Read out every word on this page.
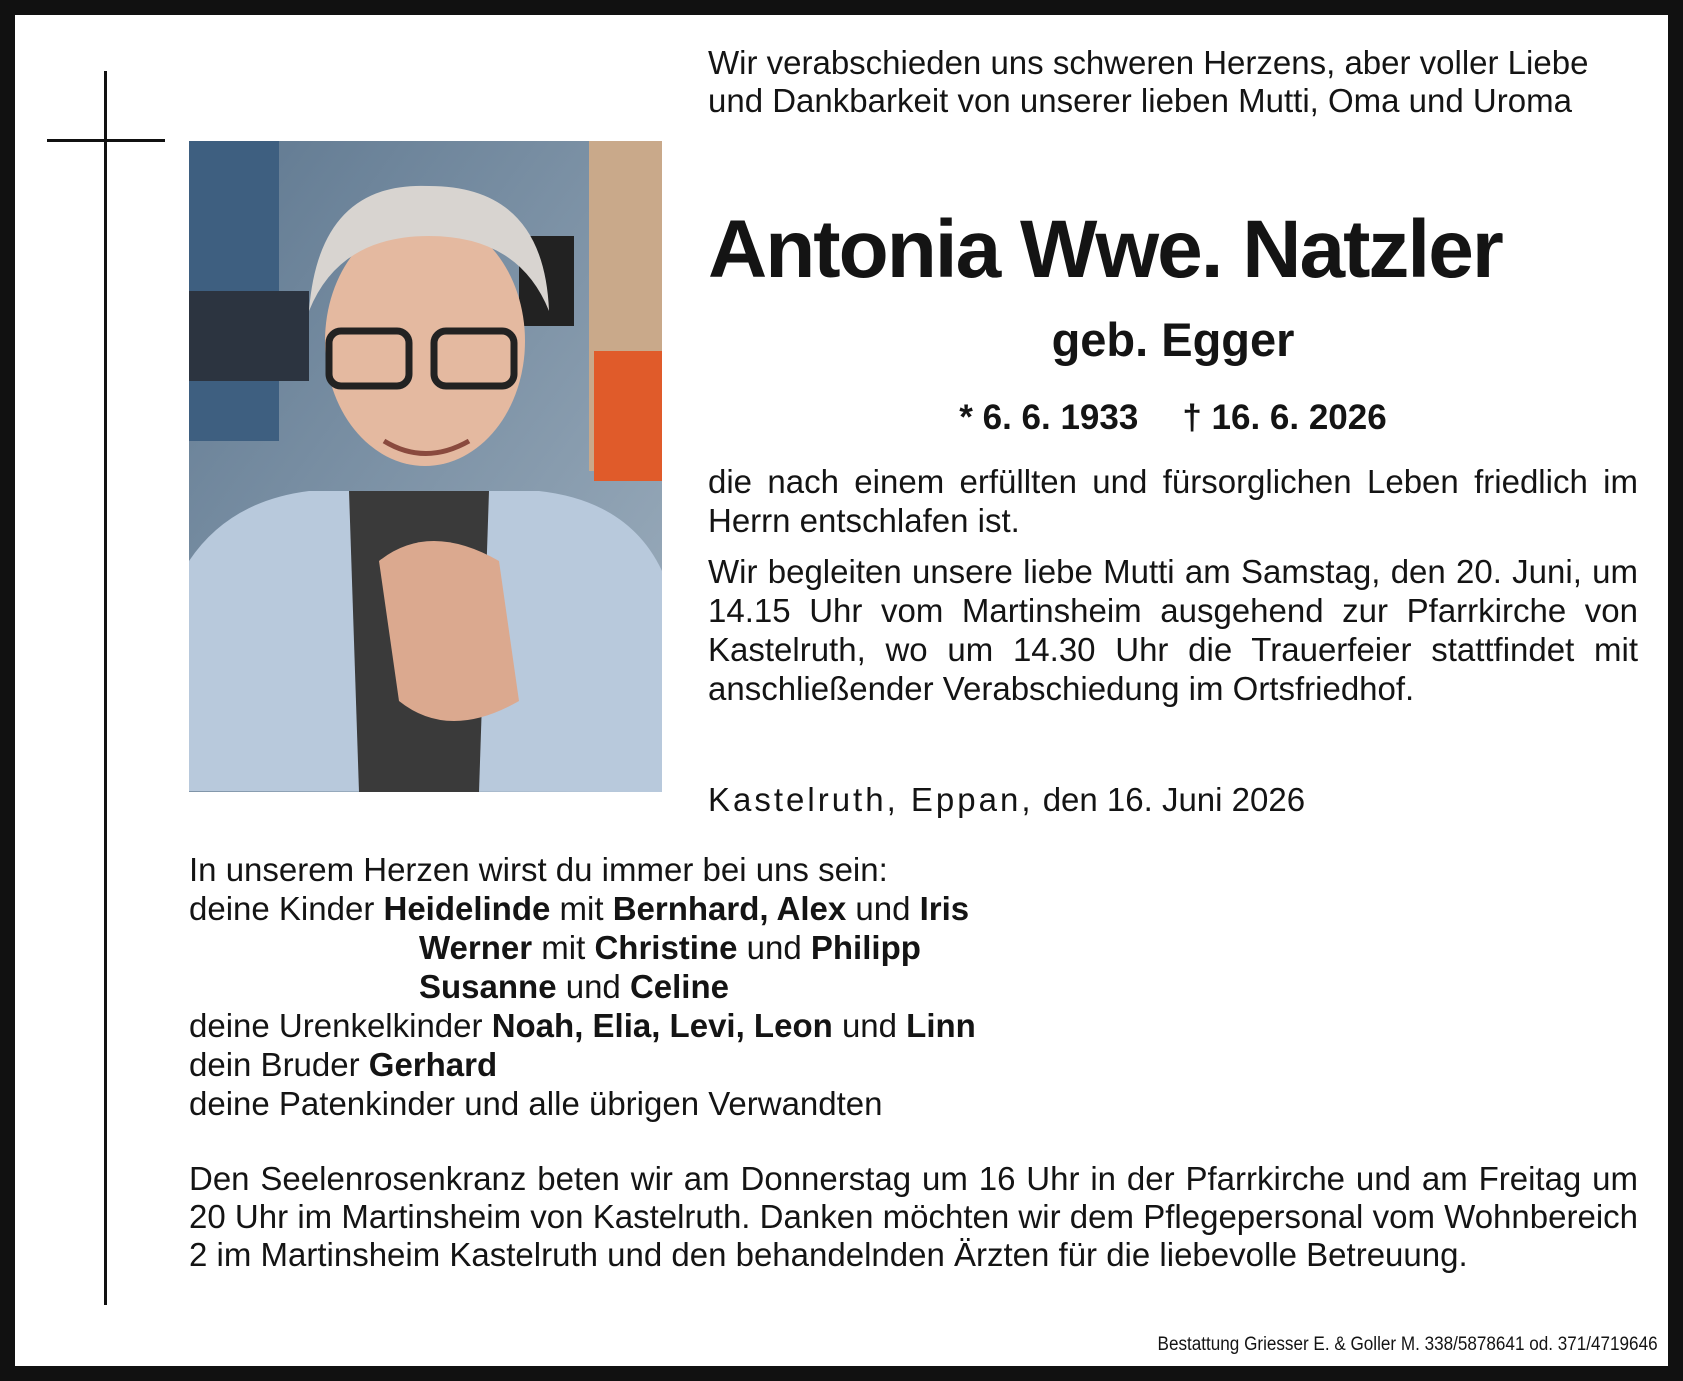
Wir verabschieden uns schweren Herzens, aber voller Liebe und Dankbarkeit von unserer lieben Mutti, Oma und Uroma
Antonia Wwe. Natzler
geb. Egger
* 6. 6. 1933 † 16. 6. 2026
die nach einem erfüllten und fürsorglichen Leben friedlich im Herrn entschlafen ist.
Wir begleiten unsere liebe Mutti am Samstag, den 20. Juni, um 14.15 Uhr vom Martinsheim ausgehend zur Pfarrkirche von Kastelruth, wo um 14.30 Uhr die Trauerfeier stattfindet mit anschließender Verabschiedung im Ortsfriedhof.
Kastelruth, Eppan, den 16. Juni 2026
In unserem Herzen wirst du immer bei uns sein:
deine Kinder Heidelinde mit Bernhard, Alex und Iris
Werner mit Christine und Philipp
Susanne und Celine
deine Urenkelkinder Noah, Elia, Levi, Leon und Linn
dein Bruder Gerhard
deine Patenkinder und alle übrigen Verwandten
Den Seelenrosenkranz beten wir am Donnerstag um 16 Uhr in der Pfarrkirche und am Freitag um 20 Uhr im Martinsheim von Kastelruth. Danken möchten wir dem Pflegepersonal vom Wohnbereich 2 im Martinsheim Kastelruth und den behandelnden Ärzten für die liebevolle Betreuung.
Bestattung Griesser E. & Goller M. 338/5878641 od. 371/4719646
